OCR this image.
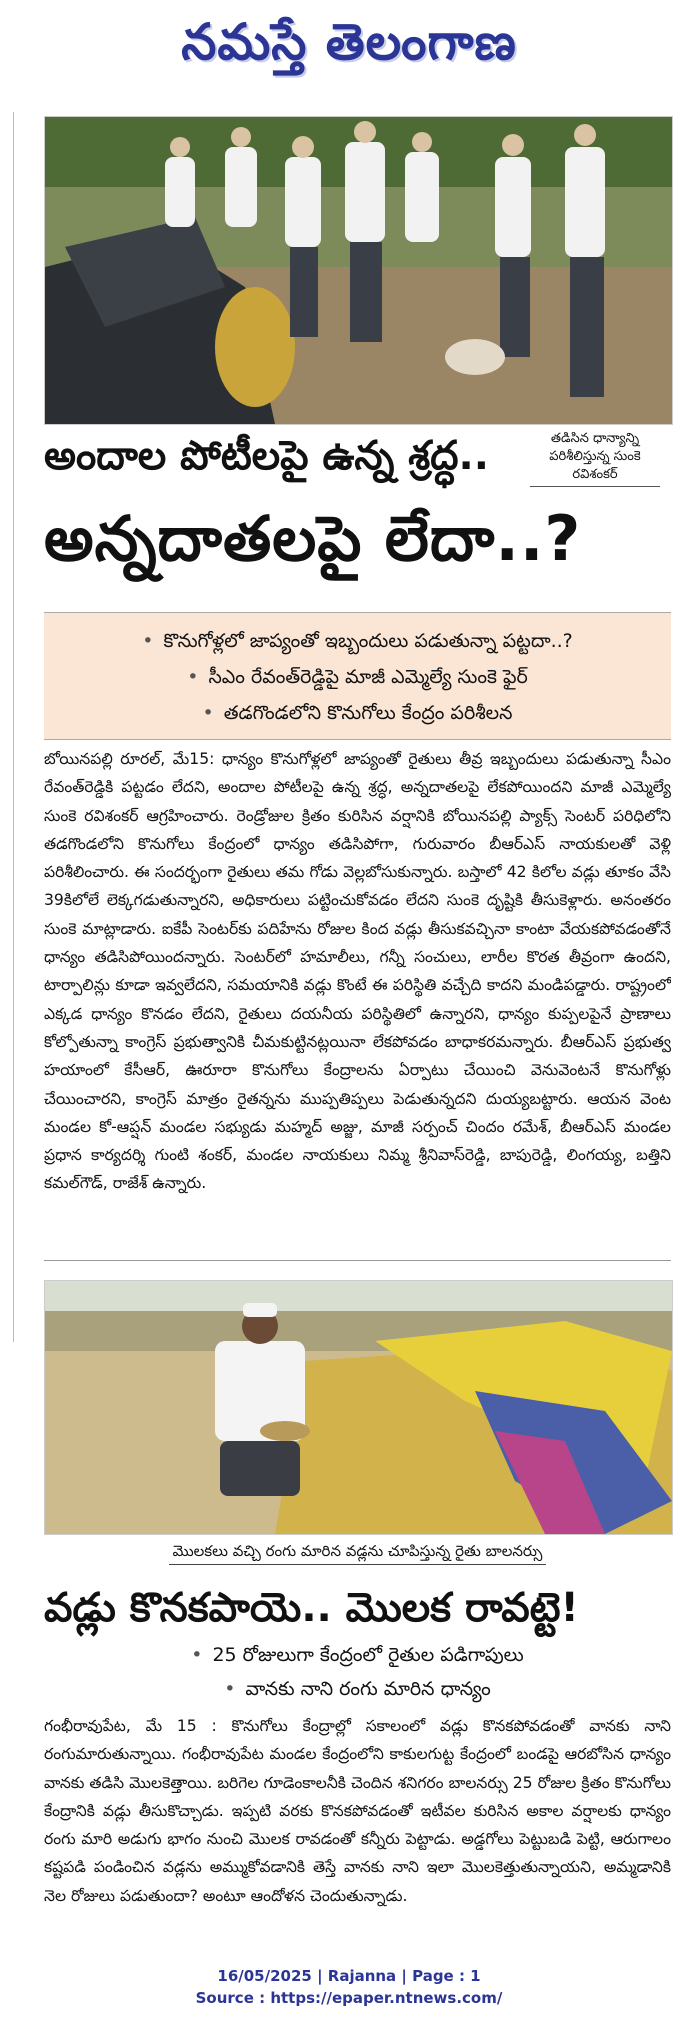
నమస్తే తెలంగాణ
తడిసిన ధాన్యాన్ని
పరిశీలిస్తున్న సుంకె
రవిశంకర్
అందాల పోటీలపై ఉన్న శ్రద్ధ..
అన్నదాతలపై లేదా..?
• కొనుగోళ్లలో జాప్యంతో ఇబ్బందులు పడుతున్నా పట్టదా..?
• సీఎం రేవంత్‌రెడ్డిపై మాజీ ఎమ్మెల్యే సుంకె ఫైర్
• తడగొండలోని కొనుగోలు కేంద్రం పరిశీలన
బోయినపల్లి రూరల్, మే15: ధాన్యం కొనుగోళ్లలో జాప్యంతో రైతులు తీవ్ర ఇబ్బందులు పడుతున్నా సీఎం రేవంత్‌రెడ్డికి పట్టడం లేదని, అందాల పోటీలపై ఉన్న శ్రద్ధ, అన్నదాతలపై లేకపోయిందని మాజీ ఎమ్మెల్యే సుంకె రవిశంకర్ ఆగ్రహించారు. రెండ్రోజుల క్రితం కురిసిన వర్షానికి బోయినపల్లి ప్యాక్స్ సెంటర్ పరిధిలోని తడగొండలోని కొనుగోలు కేంద్రంలో ధాన్యం తడిసిపోగా, గురువారం బీఆర్ఎస్ నాయకులతో వెళ్లి పరిశీలించారు. ఈ సందర్భంగా రైతులు తమ గోడు వెల్లబోసుకున్నారు. బస్తాలో 42 కిలోల వడ్లు తూకం వేసి 39కిలోలే లెక్కగడుతున్నారని, అధికారులు పట్టించుకోవడం లేదని సుంకె దృష్టికి తీసుకెళ్లారు. అనంతరం సుంకె మాట్లాడారు. ఐకేపీ సెంటర్‌కు పదిహేను రోజుల కింద వడ్లు తీసుకవచ్చినా కాంటా వేయకపోవడంతోనే ధాన్యం తడిసిపోయిందన్నారు. సెంటర్‌లో హమాలీలు, గన్నీ సంచులు, లారీల కొరత తీవ్రంగా ఉందని, టార్పాలిన్లు కూడా ఇవ్వలేదని, సమయానికి వడ్లు కొంటే ఈ పరిస్థితి వచ్చేది కాదని మండిపడ్డారు. రాష్ట్రంలో ఎక్కడ ధాన్యం కొనడం లేదని, రైతులు దయనీయ పరిస్థితిలో ఉన్నారని, ధాన్యం కుప్పలపైనే ప్రాణాలు కోల్పోతున్నా కాంగ్రెస్ ప్రభుత్వానికి చీమకుట్టినట్లయినా లేకపోవడం బాధాకరమన్నారు. బీఆర్ఎస్ ప్రభుత్వ హయాంలో కేసీఆర్, ఊరూరా కొనుగోలు కేంద్రాలను ఏర్పాటు చేయించి వెనువెంటనే కొనుగోళ్లు చేయించారని, కాంగ్రెస్ మాత్రం రైతన్నను ముప్పతిప్పలు పెడుతున్నదని దుయ్యబట్టారు. ఆయన వెంట మండల కో-ఆప్షన్ మండల సభ్యుడు మహ్మద్ అజ్జు, మాజీ సర్పంచ్ చిందం రమేశ్, బీఆర్ఎస్ మండల ప్రధాన కార్యదర్శి గుంటి శంకర్, మండల నాయకులు నిమ్మ శ్రీనివాస్‌రెడ్డి, బాపురెడ్డి, లింగయ్య, బత్తిని కమల్‌గౌడ్, రాజేశ్ ఉన్నారు.
మొలకలు వచ్చి రంగు మారిన వడ్లను చూపిస్తున్న రైతు బాలనర్సు
వడ్లు కొనకపాయె.. మొలక రావట్టె!
• 25 రోజులుగా కేంద్రంలో రైతుల పడిగాపులు
• వానకు నాని రంగు మారిన ధాన్యం
గంభీరావుపేట, మే 15 : కొనుగోలు కేంద్రాల్లో సకాలంలో వడ్లు కొనకపోవడంతో వానకు నాని రంగుమారుతున్నాయి. గంభీరావుపేట మండల కేంద్రంలోని కాకులగుట్ట కేంద్రంలో బండపై ఆరబోసిన ధాన్యం వానకు తడిసి మొలకెత్తాయి. బరిగెల గూడెంకాలనీకి చెందిన శనిగరం బాలనర్సు 25 రోజుల క్రితం కొనుగోలు కేంద్రానికి వడ్లు తీసుకొచ్చాడు. ఇప్పటి వరకు కొనకపోవడంతో ఇటీవల కురిసిన అకాల వర్షాలకు ధాన్యం రంగు మారి అడుగు భాగం నుంచి మొలక రావడంతో కన్నీరు పెట్టాడు. అడ్డగోలు పెట్టుబడి పెట్టి, ఆరుగాలం కష్టపడి పండించిన వడ్లను అమ్ముకోవడానికి తెస్తే వానకు నాని ఇలా మొలకెత్తుతున్నాయని, అమ్మడానికి నెల రోజులు పడుతుందా? అంటూ ఆందోళన చెందుతున్నాడు.
16/05/2025 | Rajanna | Page : 1
Source : https://epaper.ntnews.com/
